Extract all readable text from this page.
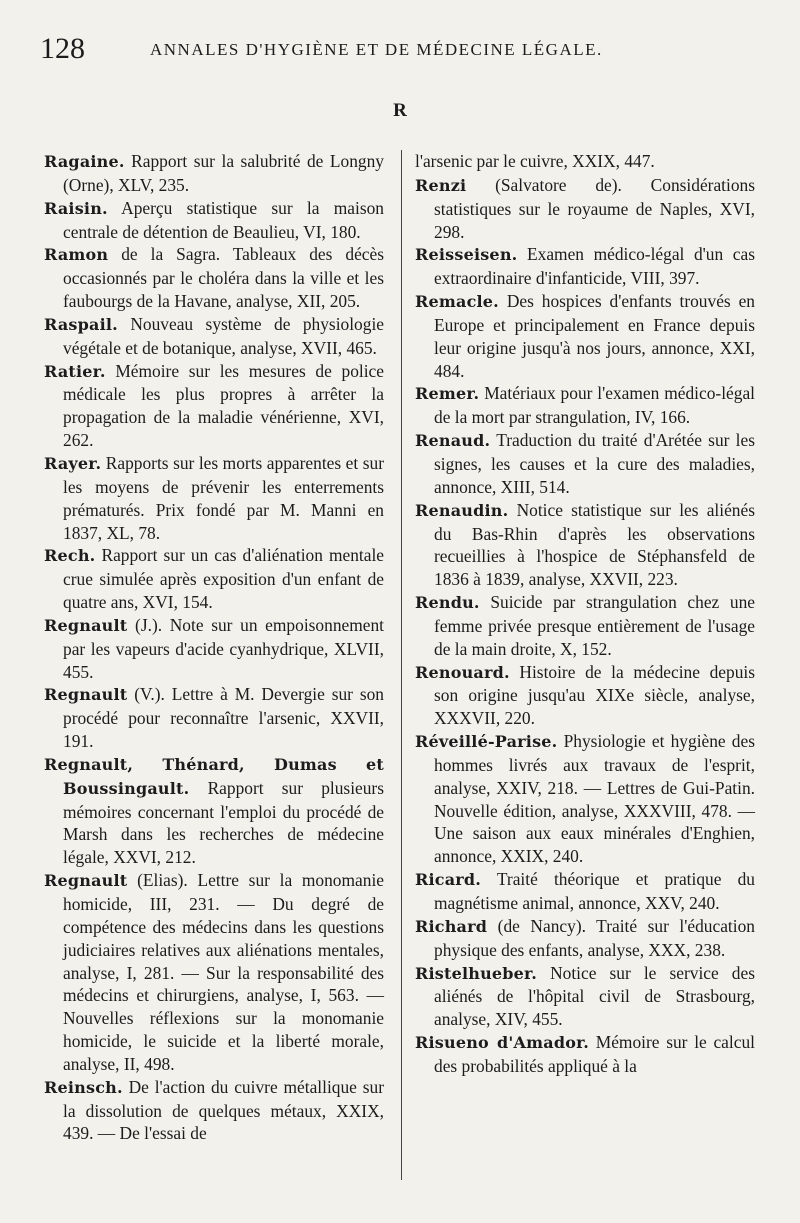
128	ANNALES D'HYGIÈNE ET DE MÉDECINE LÉGALE.
R

Ragaine. Rapport sur la salubrité de Longny (Orne), XLV, 235.

Raisin. Aperçu statistique sur la maison centrale de détention de Beaulieu, VI, 180.

Ramon de la Sagra. Tableaux des décès occasionnés par le choléra dans la ville et les faubourgs de la Havane, analyse, XII, 205.

Raspail. Nouveau système de physiologie végétale et de botanique, analyse, XVII, 465.

Ratier. Mémoire sur les mesures de police médicale les plus propres à arrêter la propagation de la maladie vénérienne, XVI, 262.

Rayer. Rapports sur les morts apparentes et sur les moyens de prévenir les enterrements prématurés. Prix fondé par M. Manni en 1837, XL, 78.

Rech. Rapport sur un cas d'aliénation mentale crue simulée après exposition d'un enfant de quatre ans, XVI, 154.

Regnault (J.). Note sur un empoisonnement par les vapeurs d'acide cyanhydrique, XLVII, 455.

Regnault (V.). Lettre à M. Devergie sur son procédé pour reconnaître l'arsenic, XXVII, 191.

Regnault, Thénard, Dumas et Boussingault. Rapport sur plusieurs mémoires concernant l'emploi du procédé de Marsh dans les recherches de médecine légale, XXVI, 212.

Regnault (Elias). Lettre sur la monomanie homicide, III, 231. — Du degré de compétence des médecins dans les questions judiciaires relatives aux aliénations mentales, analyse, I, 281. — Sur la responsabilité des médecins et chirurgiens, analyse, I, 563. — Nouvelles réflexions sur la monomanie homicide, le suicide et la liberté morale, analyse, II, 498.

Reinsch. De l'action du cuivre métallique sur la dissolution de quelques métaux, XXIX, 439. — De l'essai de

l'arsenic par le cuivre, XXIX, 447.

Renzi (Salvatore de). Considérations statistiques sur le royaume de Naples, XVI, 298.

Reisseisen. Examen médico-légal d'un cas extraordinaire d'infanticide, VIII, 397.

Remacle. Des hospices d'enfants trouvés en Europe et principalement en France depuis leur origine jusqu'à nos jours, annonce, XXI, 484.

Remer. Matériaux pour l'examen médico-légal de la mort par strangulation, IV, 166.

Renaud. Traduction du traité d'Arétée sur les signes, les causes et la cure des maladies, annonce, XIII, 514.

Renaudin. Notice statistique sur les aliénés du Bas-Rhin d'après les observations recueillies à l'hospice de Stéphansfeld de 1836 à 1839, analyse, XXVII, 223.

Rendu. Suicide par strangulation chez une femme privée presque entièrement de l'usage de la main droite, X, 152.

Renouard. Histoire de la médecine depuis son origine jusqu'au XIXe siècle, analyse, XXXVII, 220.

Réveillé-Parise. Physiologie et hygiène des hommes livrés aux travaux de l'esprit, analyse, XXIV, 218. — Lettres de Gui-Patin. Nouvelle édition, analyse, XXXVIII, 478. — Une saison aux eaux minérales d'Enghien, annonce, XXIX, 240.

Ricard. Traité théorique et pratique du magnétisme animal, annonce, XXV, 240.

Richard (de Nancy). Traité sur l'éducation physique des enfants, analyse, XXX, 238.

Ristelhueber. Notice sur le service des aliénés de l'hôpital civil de Strasbourg, analyse, XIV, 455.

Risueno d'Amador. Mémoire sur le calcul des probabilités appliqué à la
